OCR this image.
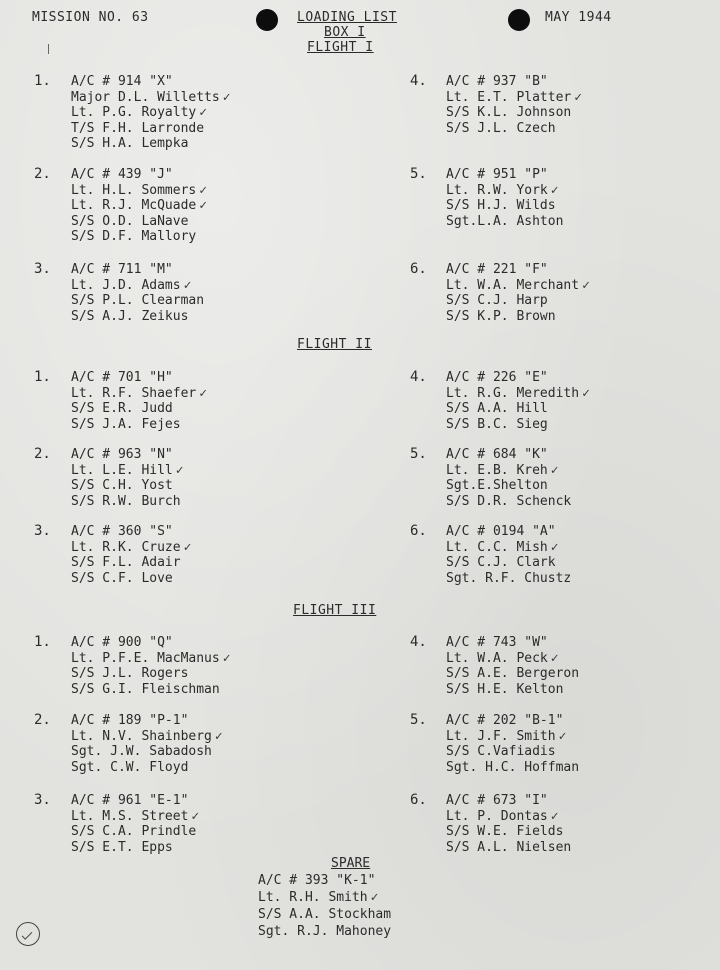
MISSION NO. 63	LOADING LIST	MAY 1944
BOX I
FLIGHT I
1. A/C # 914 "X"
Major D.L. Willetts ✓
Lt. P.G. Royalty ✓
T/S F.H. Larronde
S/S H.A. Lempka
2. A/C # 439 "J"
Lt. H.L. Sommers ✓
Lt. R.J. McQuade ✓
S/S O.D. LaNave
S/S D.F. Mallory
3. A/C # 711 "M"
Lt. J.D. Adams ✓
S/S P.L. Clearman
S/S A.J. Zeikus
4. A/C # 937 "B"
Lt. E.T. Platter ✓
S/S K.L. Johnson
S/S J.L. Czech
5. A/C # 951 "P"
Lt. R.W. York ✓
S/S H.J. Wilds
Sgt.L.A. Ashton
6. A/C # 221 "F"
Lt. W.A. Merchant ✓
S/S C.J. Harp
S/S K.P. Brown
FLIGHT II
1. A/C # 701 "H"
Lt. R.F. Shaefer ✓
S/S E.R. Judd
S/S J.A. Fejes
2. A/C # 963 "N"
Lt. L.E. Hill ✓
S/S C.H. Yost
S/S R.W. Burch
3. A/C # 360 "S"
Lt. R.K. Cruze ✓
S/S F.L. Adair
S/S C.F. Love
4. A/C # 226 "E"
Lt. R.G. Meredith ✓
S/S A.A. Hill
S/S B.C. Sieg
5. A/C # 684 "K"
Lt. E.B. Kreh ✓
Sgt.E.Shelton
S/S D.R. Schenck
6. A/C # 0194 "A"
Lt. C.C. Mish ✓
S/S C.J. Clark
Sgt. R.F. Chustz
FLIGHT III
1. A/C # 900 "Q"
Lt. P.F.E. MacManus ✓
S/S J.L. Rogers
S/S G.I. Fleischman
2. A/C # 189 "P-1"
Lt. N.V. Shainberg ✓
Sgt. J.W. Sabadosh
Sgt. C.W. Floyd
3. A/C # 961 "E-1"
Lt. M.S. Street ✓
S/S C.A. Prindle
S/S E.T. Epps
4. A/C # 743 "W"
Lt. W.A. Peck ✓
S/S A.E. Bergeron
S/S H.E. Kelton
5. A/C # 202 "B-1"
Lt. J.F. Smith ✓
S/S C.Vafiadis
Sgt. H.C. Hoffman
6. A/C # 673 "I"
Lt. P. Dontas ✓
S/S W.E. Fields
S/S A.L. Nielsen
SPARE
A/C # 393 "K-1"
Lt. R.H. Smith ✓
S/S A.A. Stockham
Sgt. R.J. Mahoney
